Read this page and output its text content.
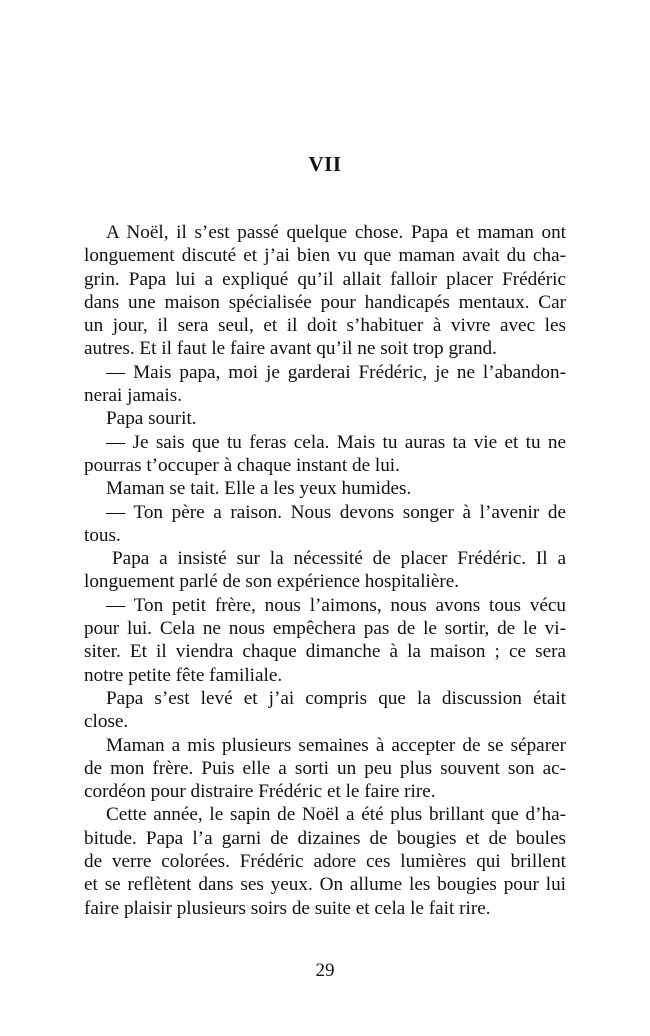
VII
A Noël, il s’est passé quelque chose. Papa et maman ont
longuement discuté et j’ai bien vu que maman avait du cha-
grin. Papa lui a expliqué qu’il allait falloir placer Frédéric
dans une maison spécialisée pour handicapés mentaux. Car
un jour, il sera seul, et il doit s’habituer à vivre avec les
autres. Et il faut le faire avant qu’il ne soit trop grand.
— Mais papa, moi je garderai Frédéric, je ne l’abandon-
nerai jamais.
Papa sourit.
— Je sais que tu feras cela. Mais tu auras ta vie et tu ne
pourras t’occuper à chaque instant de lui.
Maman se tait. Elle a les yeux humides.
— Ton père a raison. Nous devons songer à l’avenir de
tous.
Papa a insisté sur la nécessité de placer Frédéric. Il a
longuement parlé de son expérience hospitalière.
— Ton petit frère, nous l’aimons, nous avons tous vécu
pour lui. Cela ne nous empêchera pas de le sortir, de le vi-
siter. Et il viendra chaque dimanche à la maison ; ce sera
notre petite fête familiale.
Papa s’est levé et j’ai compris que la discussion était
close.
Maman a mis plusieurs semaines à accepter de se séparer
de mon frère. Puis elle a sorti un peu plus souvent son ac-
cordéon pour distraire Frédéric et le faire rire.
Cette année, le sapin de Noël a été plus brillant que d’ha-
bitude. Papa l’a garni de dizaines de bougies et de boules
de verre colorées. Frédéric adore ces lumières qui brillent
et se reflètent dans ses yeux. On allume les bougies pour lui
faire plaisir plusieurs soirs de suite et cela le fait rire.
29
